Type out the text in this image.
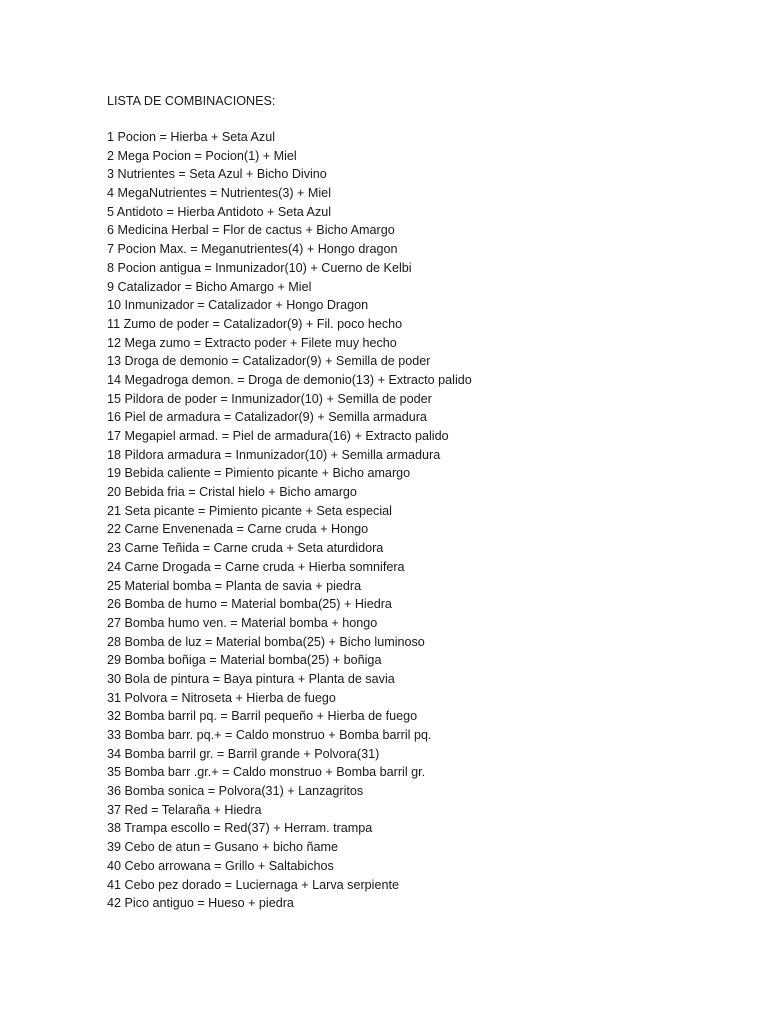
LISTA DE COMBINACIONES:
1 Pocion = Hierba + Seta Azul
2 Mega Pocion = Pocion(1) + Miel
3 Nutrientes = Seta Azul + Bicho Divino
4 MegaNutrientes = Nutrientes(3) + Miel
5 Antidoto = Hierba Antidoto + Seta Azul
6 Medicina Herbal = Flor de cactus + Bicho Amargo
7 Pocion Max. = Meganutrientes(4) + Hongo dragon
8 Pocion antigua = Inmunizador(10) + Cuerno de Kelbi
9 Catalizador = Bicho Amargo + Miel
10 Inmunizador = Catalizador + Hongo Dragon
11 Zumo de poder = Catalizador(9) + Fil. poco hecho
12 Mega zumo = Extracto poder + Filete muy hecho
13 Droga de demonio = Catalizador(9) + Semilla de poder
14 Megadroga demon. = Droga de demonio(13) + Extracto palido
15 Pildora de poder = Inmunizador(10) + Semilla de poder
16 Piel de armadura = Catalizador(9) + Semilla armadura
17 Megapiel armad. = Piel de armadura(16) + Extracto palido
18 Pildora armadura = Inmunizador(10) + Semilla armadura
19 Bebida caliente = Pimiento picante + Bicho amargo
20 Bebida fria = Cristal hielo + Bicho amargo
21 Seta picante = Pimiento picante + Seta especial
22 Carne Envenenada = Carne cruda + Hongo
23 Carne Teñida = Carne cruda + Seta aturdidora
24 Carne Drogada = Carne cruda + Hierba somnifera
25 Material bomba = Planta de savia + piedra
26 Bomba de humo = Material bomba(25) + Hiedra
27 Bomba humo ven. = Material bomba + hongo
28 Bomba de luz = Material bomba(25) + Bicho luminoso
29 Bomba boñiga = Material bomba(25) + boñiga
30 Bola de pintura = Baya pintura + Planta de savia
31 Polvora = Nitroseta + Hierba de fuego
32 Bomba barril pq. = Barril pequeño + Hierba de fuego
33 Bomba barr. pq.+ = Caldo monstruo + Bomba barril pq.
34 Bomba barril gr. = Barril grande + Polvora(31)
35 Bomba barr .gr.+ = Caldo monstruo + Bomba barril gr.
36 Bomba sonica = Polvora(31) + Lanzagritos
37 Red = Telaraña + Hiedra
38 Trampa escollo = Red(37) + Herram. trampa
39 Cebo de atun = Gusano + bicho ñame
40 Cebo arrowana = Grillo + Saltabichos
41 Cebo pez dorado = Luciernaga + Larva serpiente
42 Pico antiguo = Hueso + piedra
